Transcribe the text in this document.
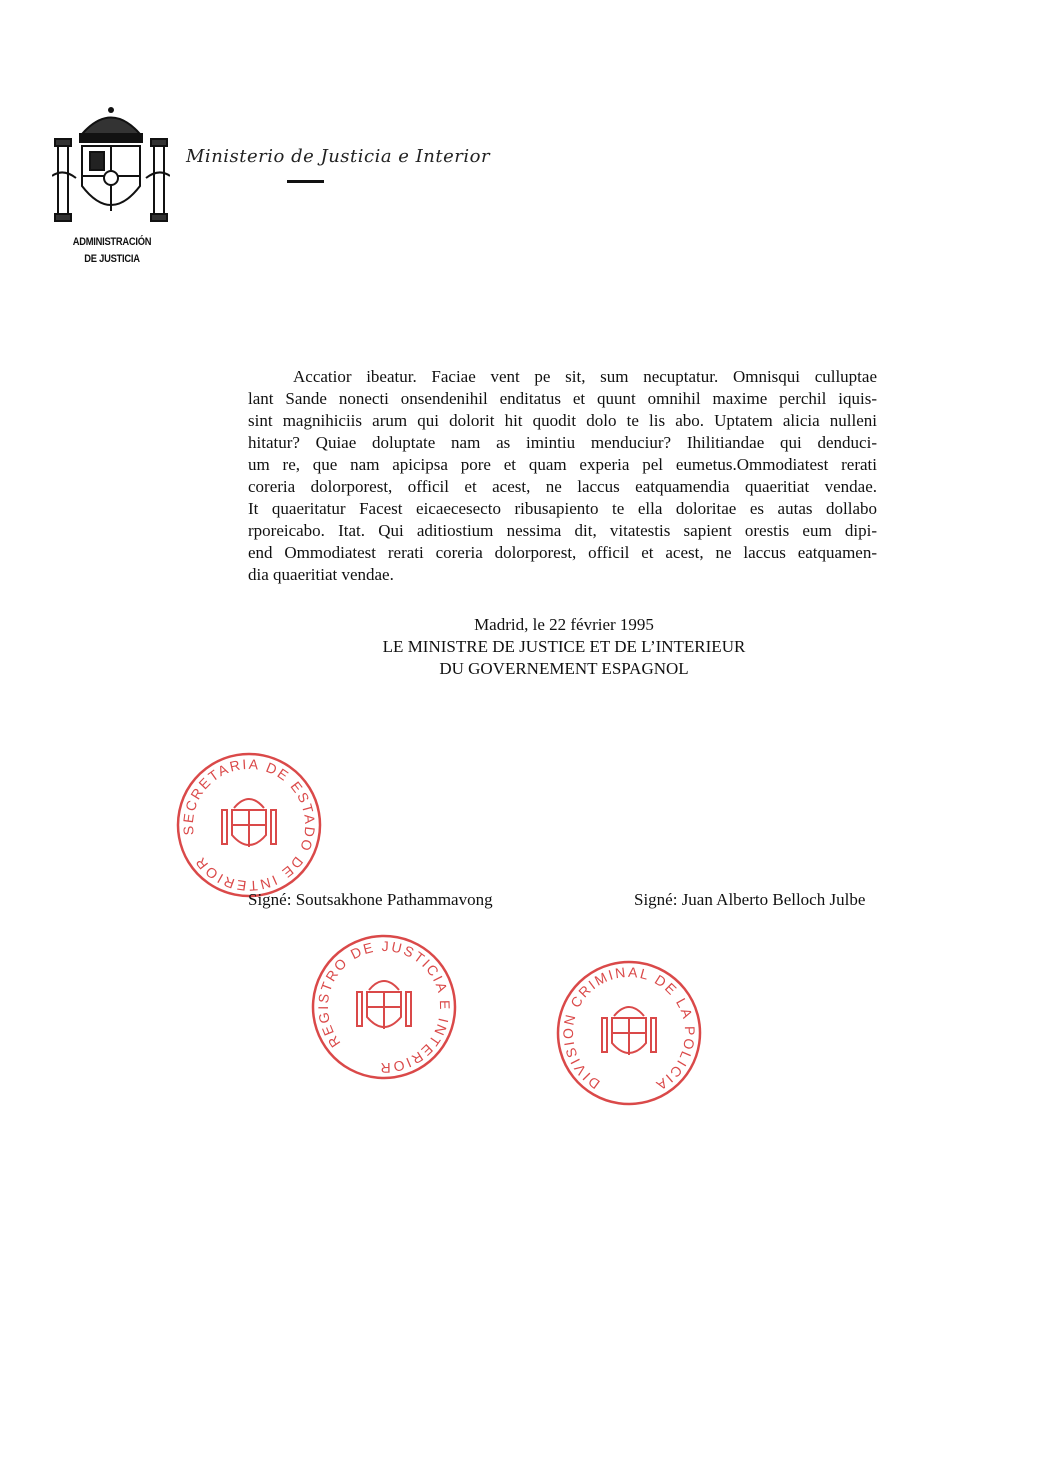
ADMINISTRACIÓN
DE JUSTICIA
Ministerio de Justicia e Interior
Accatior ibeatur. Faciae vent pe sit, sum necuptatur. Omnisqui culluptae
lant Sande nonecti onsendenihil enditatus et quunt omnihil maxime perchil iquis-
sint magnihiciis arum qui dolorit hit quodit dolo te lis abo. Uptatem alicia nulleni
hitatur? Quiae doluptate nam as imintiu menduciur? Ihilitiandae qui denduci-
um re, que nam apicipsa pore et quam experia pel eumetus.Ommodiatest rerati
coreria dolorporest, officil et acest, ne laccus eatquamendia quaeritiat vendae.
It quaeritatur Facest eicaecesecto ribusapiento te ella doloritae es autas dollabo
rporeicabo. Itat. Qui aditiostium nessima dit, vitatestis sapient orestis eum dipi-
end Ommodiatest rerati coreria dolorporest, officil et acest, ne laccus eatquamen-
dia quaeritiat vendae.
Madrid, le 22 février 1995
LE MINISTRE DE JUSTICE ET DE L’INTERIEUR
DU GOVERNEMENT ESPAGNOL
SECRETARIA DE ESTADO DE INTERIOR
REGISTRO DE JUSTICIA E INTERIOR
DIVISION CRIMINAL DE LA POLICIA
Signé: Soutsakhone Pathammavong	Signé: Juan Alberto Belloch Julbe
